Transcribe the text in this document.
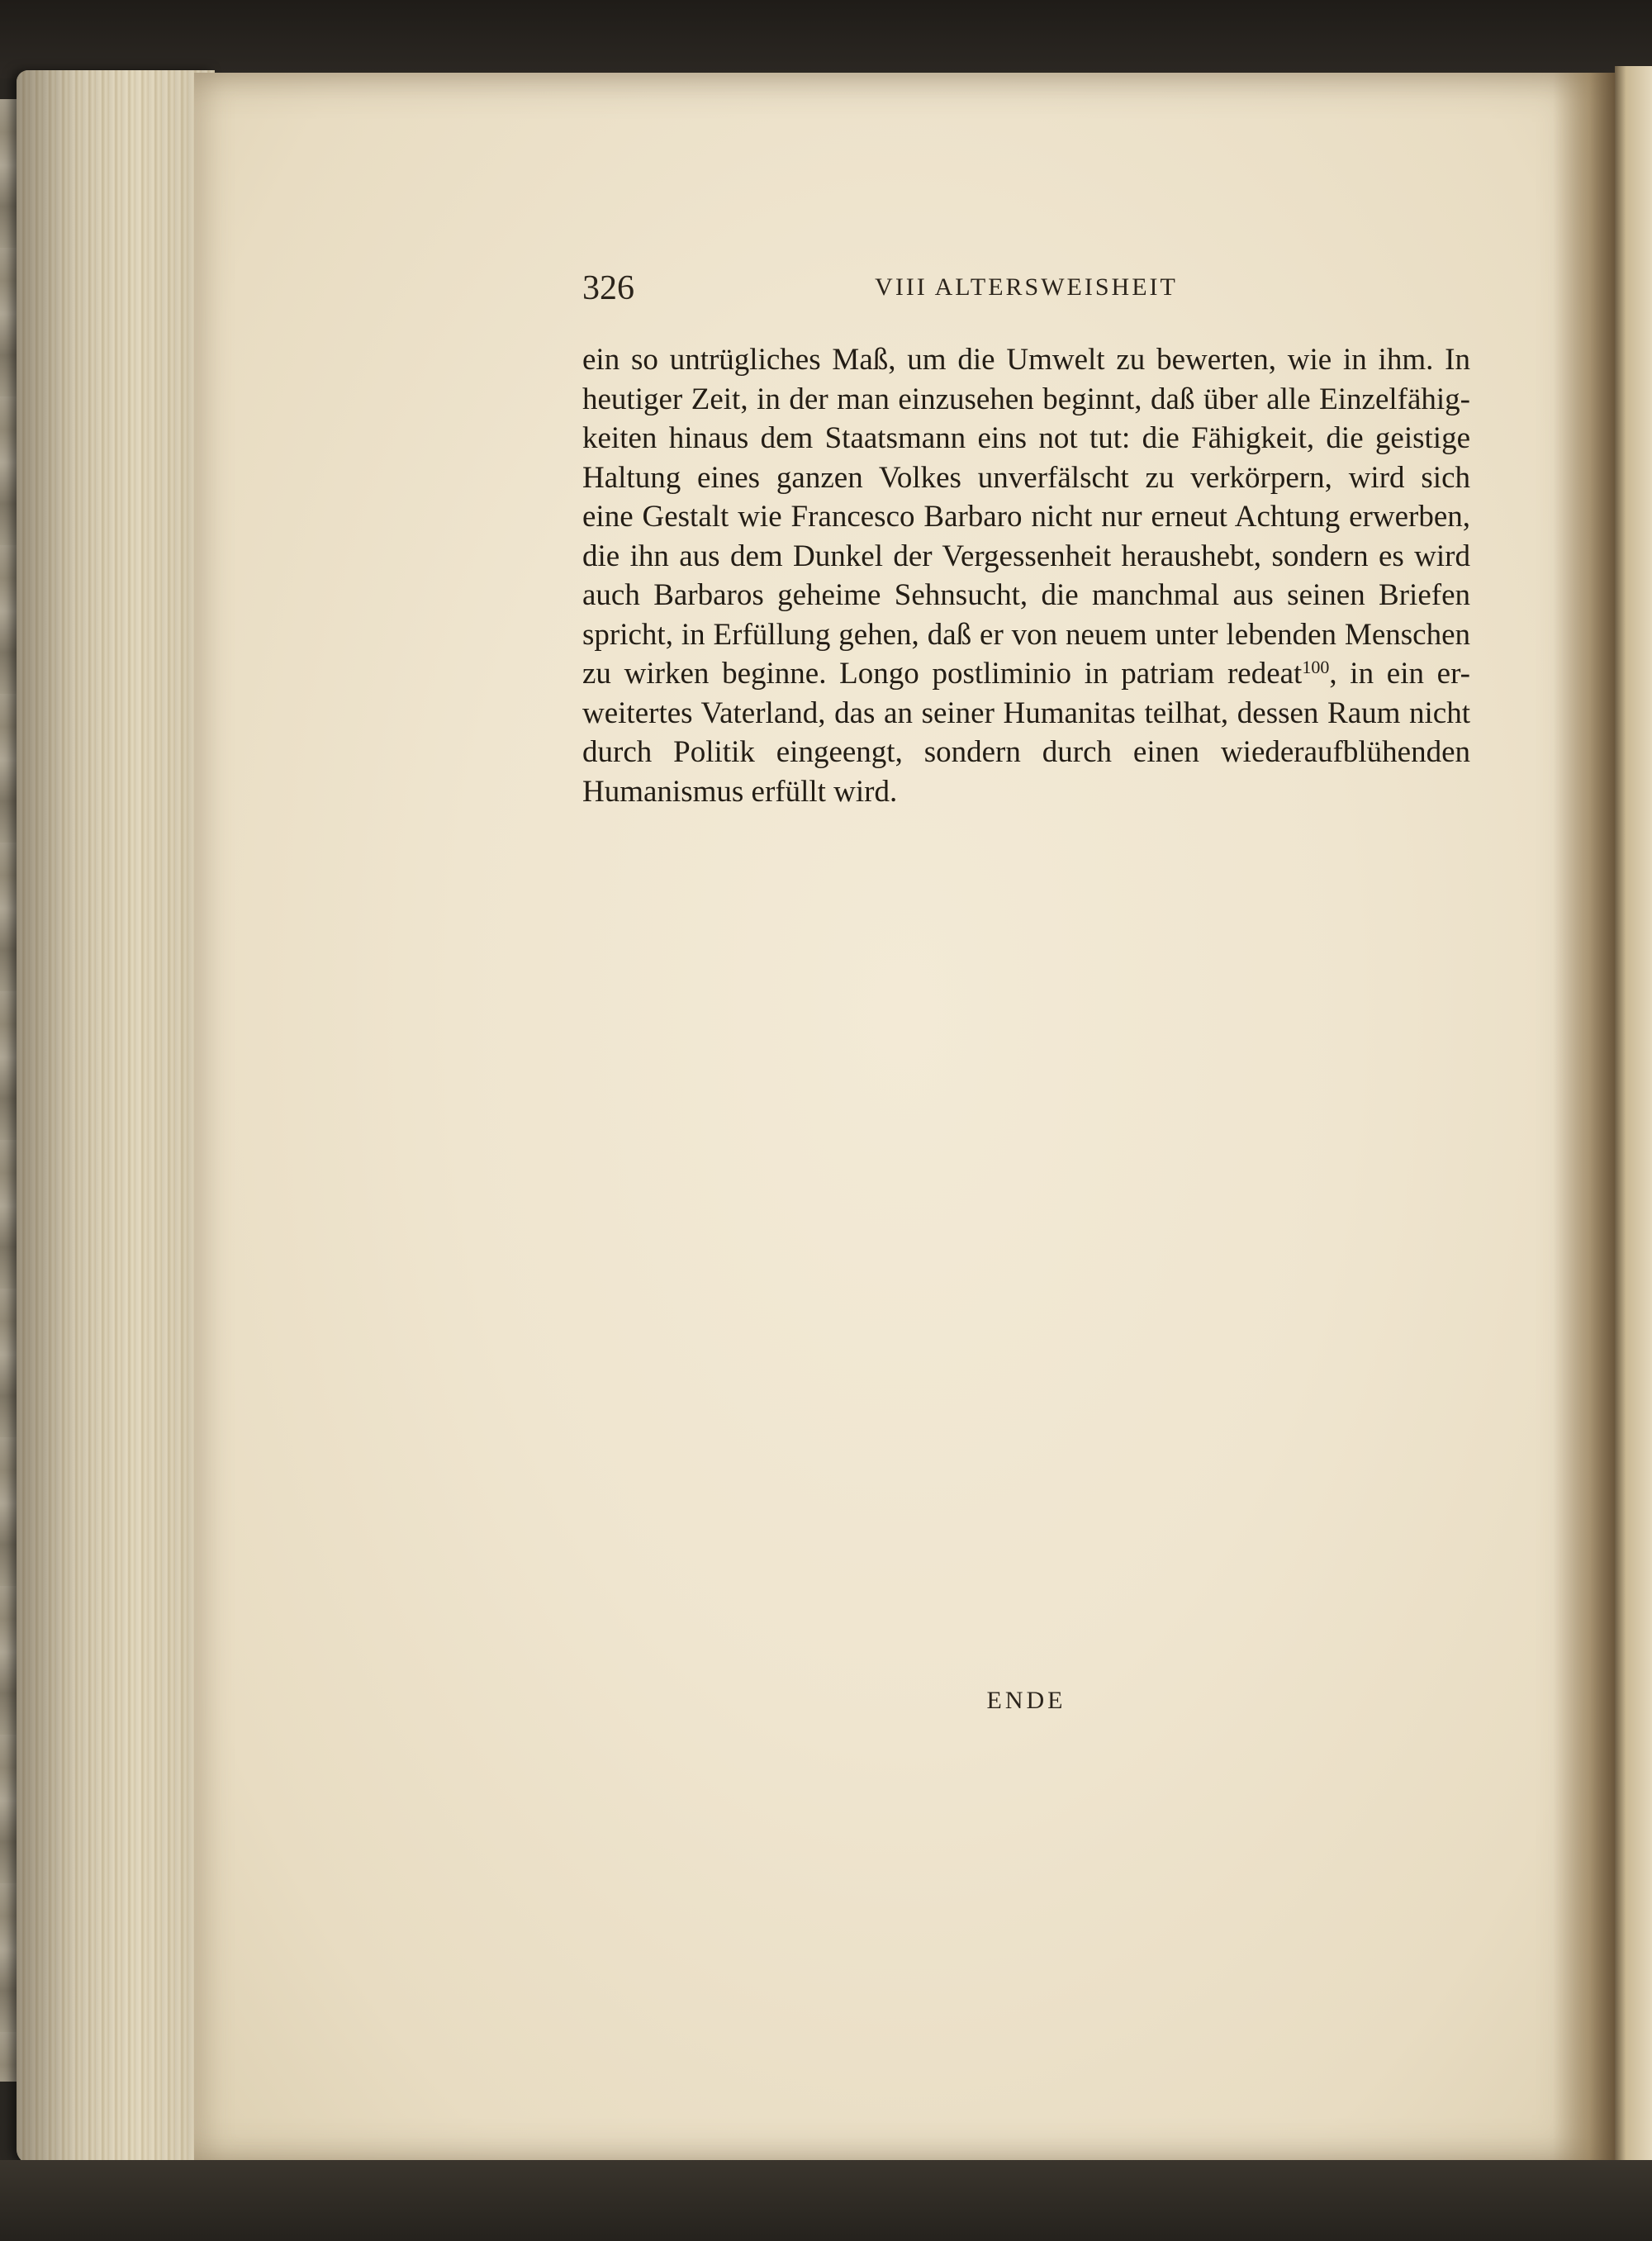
326	VIII ALTERSWEISHEIT
ein so untrügliches Maß, um die Umwelt zu bewerten, wie in ihm. In
heutiger Zeit, in der man einzusehen beginnt, daß über alle Einzelfähig-
keiten hinaus dem Staatsmann eins not tut: die Fähigkeit, die geistige
Haltung eines ganzen Volkes unverfälscht zu verkörpern, wird sich
eine Gestalt wie Francesco Barbaro nicht nur erneut Achtung erwerben,
die ihn aus dem Dunkel der Vergessenheit heraushebt, sondern es wird
auch Barbaros geheime Sehnsucht, die manchmal aus seinen Briefen
spricht, in Erfüllung gehen, daß er von neuem unter lebenden Menschen
zu wirken beginne. Longo postliminio in patriam redeat$^{100}$, in ein er-
weitertes Vaterland, das an seiner Humanitas teilhat, dessen Raum nicht
durch Politik eingeengt, sondern durch einen wiederaufblühenden
Humanismus erfüllt wird.
ENDE
